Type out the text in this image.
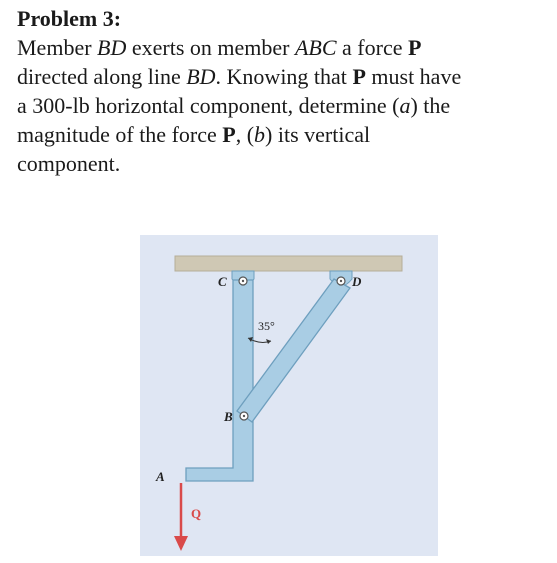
Problem 3:

Member BD exerts on member ABC a force P

directed along line BD. Knowing that P must have

a 300-lb horizontal component, determine (a) the

magnitude of the force P, (b) its vertical

component.

C	D
B
A
Q
35°
